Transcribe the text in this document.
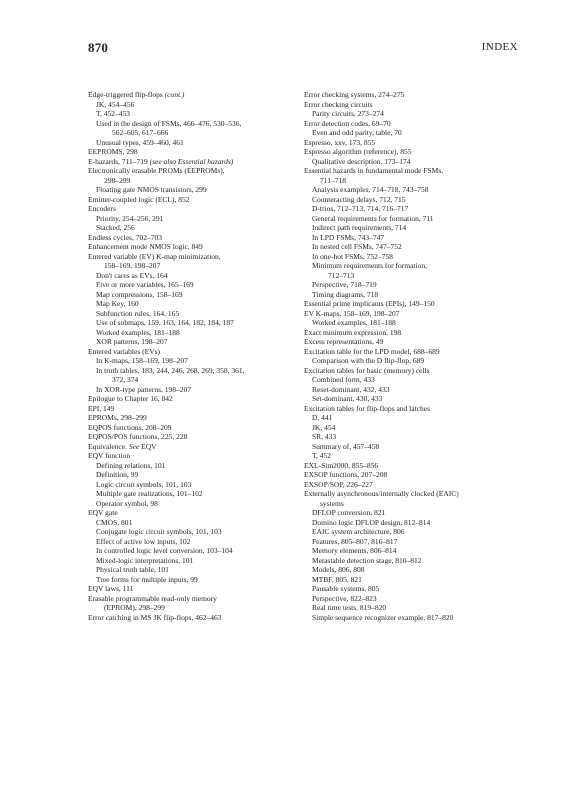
870	INDEX
Edge-triggered flip-flops (cont.)
JK, 454–456
T, 452–453
Used in the design of FSMs, 466–476, 530–536,
562–605, 617–666
Unusual types, 459–460, 461
EEPROMS, 298
E-hazards, 711–719 (see also Essential hazards)
Electronically erasable PROMs (EEPROMs),
298–299
Floating gate NMOS transistors, 299
Emitter-coupled logic (ECL), 852
Encoders
Priority, 254–256, 291
Stacked, 256
Endless cycles, 702–703
Enhancement mode NMOS logic, 849
Entered variable (EV) K-map minimization,
158–169, 198–207
Don't cares as EVs, 164
Five or more variables, 165–169
Map compressions, 158–169
Map Key, 160
Subfunction rules, 164, 165
Use of submaps, 159, 163, 164, 182, 184, 187
Worked examples, 181–188
XOR patterns, 198–207
Entered variables (EVs)
In K-maps, 158–169, 198–207
In truth tables, 183, 244, 246, 268, 269, 358, 361,
372, 374
In XOR-type patterns, 198–207
Epilogue to Chapter 16, 842
EPI, 149
EPROMs, 298–299
EQPOS functions, 208–209
EQPOS/POS functions, 225, 228
Equivalence. See EQV
EQV function
Defining relations, 101
Definition, 99
Logic circuit symbols, 101, 103
Multiple gate realizations, 101–102
Operator symbol, 98
EQV gate
CMOS, 801
Conjugate logic circuit symbols, 101, 103
Effect of active low inputs, 102
In controlled logic level conversion, 103–104
Mixed-logic interpretations, 101
Physical truth table, 101
Tree forms for multiple inputs, 99
EQV laws, 111
Erasable programmable read-only memory
(EPROM), 298–299
Error catching in MS JK flip-flops, 462–463
Error checking systems, 274–275
Error checking circuits
Parity circuits, 273–274
Error detection codes, 69–70
Even and odd parity, table, 70
Espresso, xxv, 173, 855
Espresso algorithm (reference), 855
Qualitative description, 173–174
Essential hazards in fundamental mode FSMs,
711–718
Analysis examples, 714–718, 743–758
Counteracting delays, 712, 715
D-trios, 712–713, 714, 716–717
General requirements for formation, 711
Indirect path requirements, 714
In LPD FSMs, 743–747
In nested cell FSMs, 747–752
In one-hot FSMs, 752–758
Minimum requirements for formation,
712–713
Perspective, 718–719
Timing diagrams, 718
Essential prime implicants (EPIs), 149–150
EV K-maps, 158–169, 198–207
Worked examples, 181–188
Exact minimum expression, 198
Excess representations, 49
Excitation table for the LPD model, 688–689
Comparison with the D flip-flop, 689
Excitation tables for basic (memory) cells
Combined form, 433
Reset-dominant, 432, 433
Set-dominant, 430, 433
Excitation tables for flip-flops and latches
D, 441
JK, 454
SR, 433
Summary of, 457–458
T, 452
EXL-Sim2000, 855–856
EXSOP functions, 207–208
EXSOP/SOP, 226–227
Externally asynchronous/internally clocked (EAIC)
systems
DFLOP conversion, 821
Domino logic DFLOP design, 812–814
EAIC system architecture, 806
Features, 805–807, 816–817
Memory elements, 806–814
Metastable detection stage, 810–812
Models, 806, 808
MTBF, 805, 821
Pausable systems, 805
Perspective, 822–823
Real time tests, 819–820
Simple sequence recognizer example, 817–820
